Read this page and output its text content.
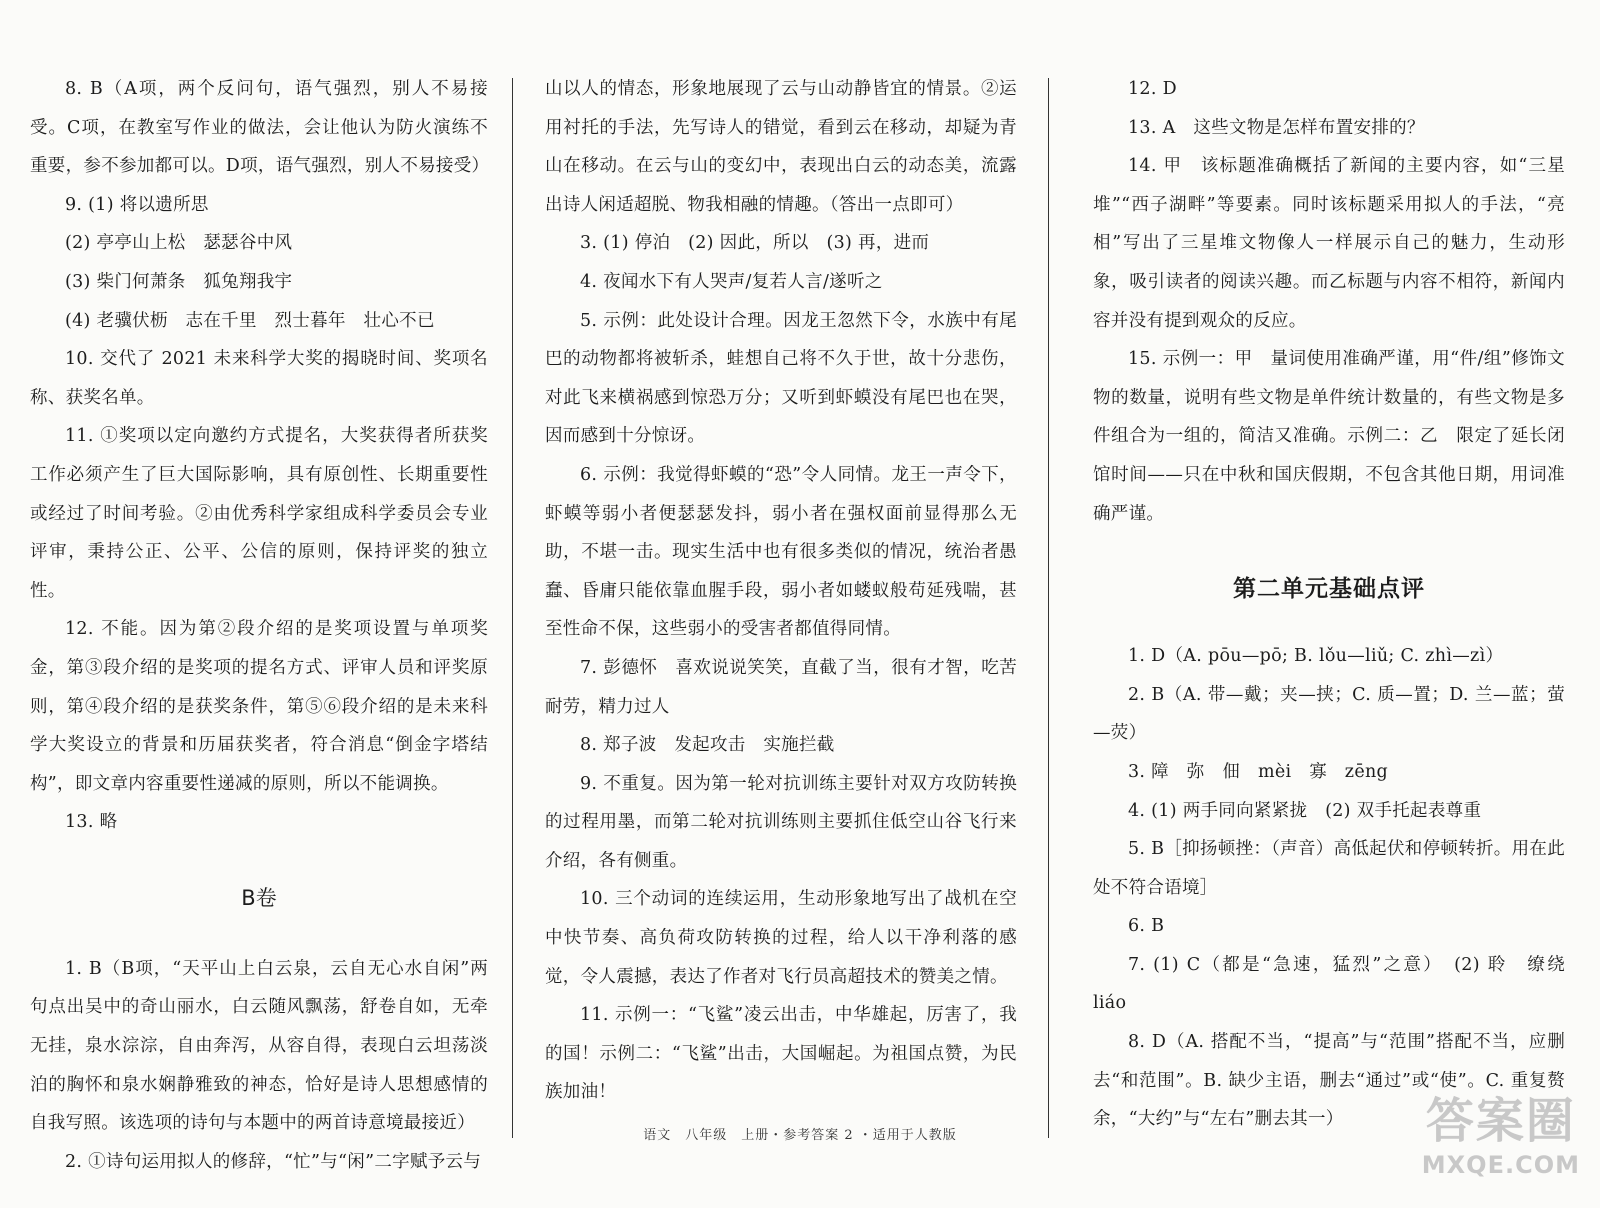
8. B（A项，两个反问句，语气强烈，别人不易接受。C项，在教室写作业的做法，会让他认为防火演练不重要，参不参加都可以。D项，语气强烈，别人不易接受）

9. (1) 将以遗所思

(2) 亭亭山上松　瑟瑟谷中风

(3) 柴门何萧条　狐兔翔我宇

(4) 老骥伏枥　志在千里　烈士暮年　壮心不已

10. 交代了 2021 未来科学大奖的揭晓时间、奖项名称、获奖名单。

11. ①奖项以定向邀约方式提名，大奖获得者所获奖工作必须产生了巨大国际影响，具有原创性、长期重要性或经过了时间考验。②由优秀科学家组成科学委员会专业评审，秉持公正、公平、公信的原则，保持评奖的独立性。

12. 不能。因为第②段介绍的是奖项设置与单项奖金，第③段介绍的是奖项的提名方式、评审人员和评奖原则，第④段介绍的是获奖条件，第⑤⑥段介绍的是未来科学大奖设立的背景和历届获奖者，符合消息“倒金字塔结构”，即文章内容重要性递减的原则，所以不能调换。

13. 略

B卷

1. B（B项，“天平山上白云泉，云自无心水自闲”两句点出吴中的奇山丽水，白云随风飘荡，舒卷自如，无牵无挂，泉水淙淙，自由奔泻，从容自得，表现白云坦荡淡泊的胸怀和泉水娴静雅致的神态，恰好是诗人思想感情的自我写照。该选项的诗句与本题中的两首诗意境最接近）

2. ①诗句运用拟人的修辞，“忙”与“闲”二字赋予云与

山以人的情态，形象地展现了云与山动静皆宜的情景。②运用衬托的手法，先写诗人的错觉，看到云在移动，却疑为青山在移动。在云与山的变幻中，表现出白云的动态美，流露出诗人闲适超脱、物我相融的情趣。（答出一点即可）

3. (1) 停泊　(2) 因此，所以　(3) 再，进而

4. 夜闻水下有人哭声/复若人言/遂听之

5. 示例：此处设计合理。因龙王忽然下令，水族中有尾巴的动物都将被斩杀，蛙想自己将不久于世，故十分悲伤，对此飞来横祸感到惊恐万分；又听到虾蟆没有尾巴也在哭，因而感到十分惊讶。

6. 示例：我觉得虾蟆的“恐”令人同情。龙王一声令下，虾蟆等弱小者便瑟瑟发抖，弱小者在强权面前显得那么无助，不堪一击。现实生活中也有很多类似的情况，统治者愚蠢、昏庸只能依靠血腥手段，弱小者如蝼蚁般苟延残喘，甚至性命不保，这些弱小的受害者都值得同情。

7. 彭德怀　喜欢说说笑笑，直截了当，很有才智，吃苦耐劳，精力过人

8. 郑子波　发起攻击　实施拦截

9. 不重复。因为第一轮对抗训练主要针对双方攻防转换的过程用墨，而第二轮对抗训练则主要抓住低空山谷飞行来介绍，各有侧重。

10. 三个动词的连续运用，生动形象地写出了战机在空中快节奏、高负荷攻防转换的过程，给人以干净利落的感觉，令人震撼，表达了作者对飞行员高超技术的赞美之情。

11. 示例一：“飞鲨”凌云出击，中华雄起，厉害了，我的国！示例二：“飞鲨”出击，大国崛起。为祖国点赞，为民族加油！

12. D

13. A　这些文物是怎样布置安排的？

14. 甲　该标题准确概括了新闻的主要内容，如“三星堆”“西子湖畔”等要素。同时该标题采用拟人的手法，“亮相”写出了三星堆文物像人一样展示自己的魅力，生动形象，吸引读者的阅读兴趣。而乙标题与内容不相符，新闻内容并没有提到观众的反应。

15. 示例一：甲　量词使用准确严谨，用“件/组”修饰文物的数量，说明有些文物是单件统计数量的，有些文物是多件组合为一组的，简洁又准确。示例二：乙　限定了延长闭馆时间——只在中秋和国庆假期，不包含其他日期，用词准确严谨。

第二单元基础点评

1. D（A. pōu—pō; B. lǒu—liǔ; C. zhì—zì）

2. B（A. 带—戴；夹—挟；C. 质—置；D. 兰—蓝；萤—荧）

3. 障　弥　佃　mèi　寡　zēng

4. (1) 两手同向紧紧拢　(2) 双手托起表尊重

5. B［抑扬顿挫：（声音）高低起伏和停顿转折。用在此处不符合语境］

6. B

7. (1) C（都是“急速，猛烈”之意）　(2) 聆　缭绕　liáo

8. D（A. 搭配不当，“提高”与“范围”搭配不当，应删去“和范围”。B. 缺少主语，删去“通过”或“使”。C. 重复赘余，“大约”与“左右”删去其一）

语文　八年级　上册・参考答案 2 ・适用于人教版	答案圈
MXQE.COM
